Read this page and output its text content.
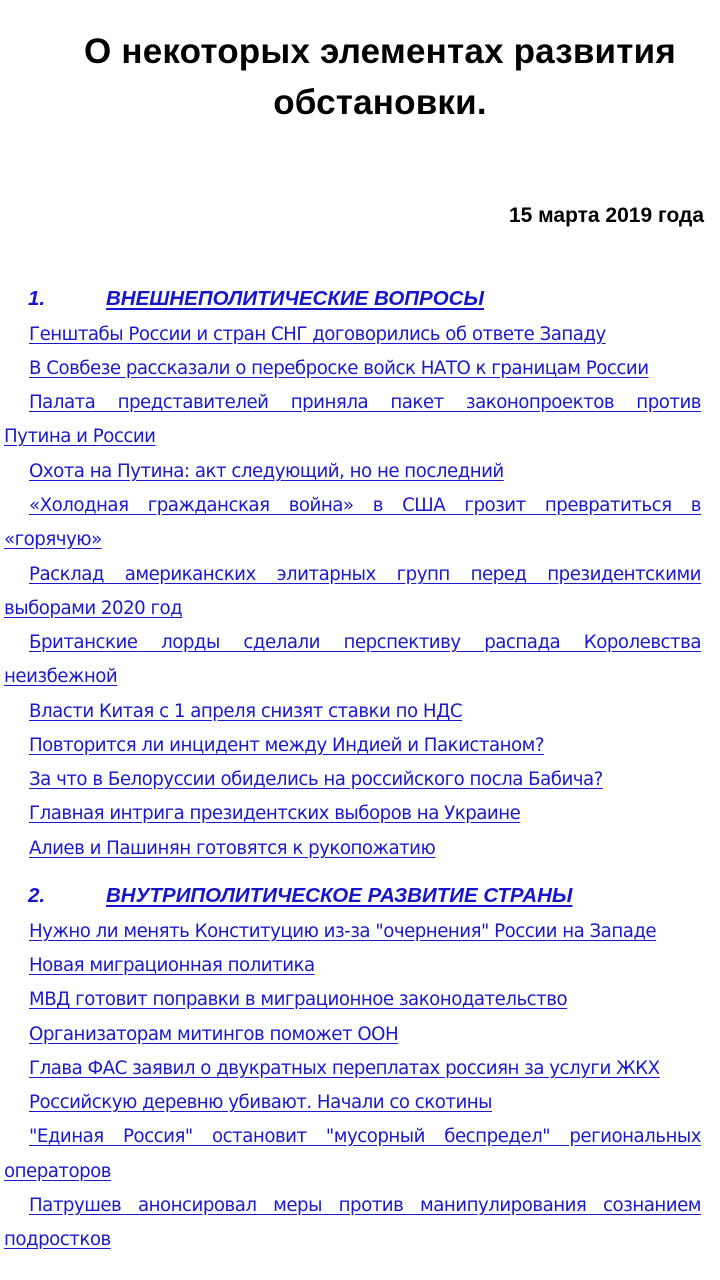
О некоторых элементах развития
обстановки.
15 марта 2019 года
1.	ВНЕШНЕПОЛИТИЧЕСКИЕ ВОПРОСЫ
Генштабы России и стран СНГ договорились об ответе Западу
В Совбезе рассказали о переброске войск НАТО к границам России
Палата представителей приняла пакет законопроектов против
Путина и России
Охота на Путина: акт следующий, но не последний
«Холодная гражданская война» в США грозит превратиться в
«горячую»
Расклад американских элитарных групп перед президентскими
выборами 2020 год
Британские лорды сделали перспективу распада Королевства
неизбежной
Власти Китая с 1 апреля снизят ставки по НДС
Повторится ли инцидент между Индией и Пакистаном?
За что в Белоруссии обиделись на российского посла Бабича?
Главная интрига президентских выборов на Украине
Алиев и Пашинян готовятся к рукопожатию
2.	ВНУТРИПОЛИТИЧЕСКОЕ РАЗВИТИЕ СТРАНЫ
Нужно ли менять Конституцию из-за "очернения" России на Западе
Новая миграционная политика
МВД готовит поправки в миграционное законодательство
Организаторам митингов поможет ООН
Глава ФАС заявил о двукратных переплатах россиян за услуги ЖКХ
Российскую деревню убивают. Начали со скотины
"Единая Россия" остановит "мусорный беспредел" региональных
операторов
Патрушев анонсировал меры против манипулирования сознанием
подростков
